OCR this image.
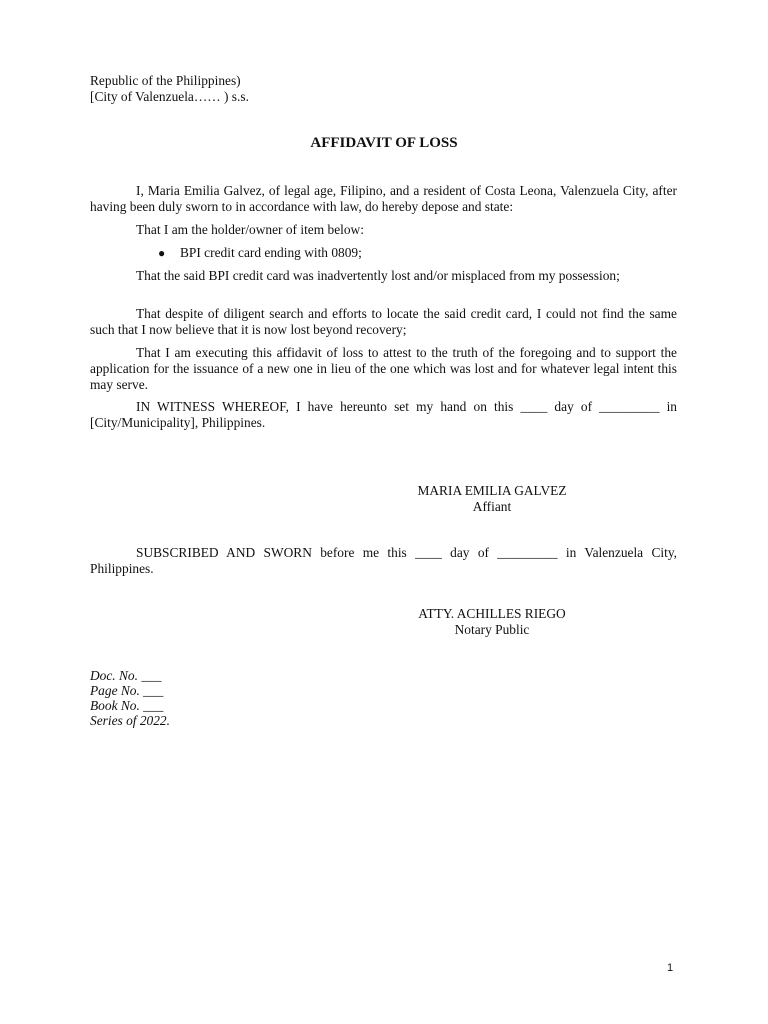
Republic of the Philippines)
[City of Valenzuela…… ) s.s.
AFFIDAVIT OF LOSS

I, Maria Emilia Galvez, of legal age, Filipino, and a resident of Costa Leona, Valenzuela City, after having been duly sworn to in accordance with law, do hereby depose and state:

That I am the holder/owner of item below:

● BPI credit card ending with 0809;

That the said BPI credit card was inadvertently lost and/or misplaced from my possession;

That despite of diligent search and efforts to locate the said credit card, I could not find the same such that I now believe that it is now lost beyond recovery;

That I am executing this affidavit of loss to attest to the truth of the foregoing and to support the application for the issuance of a new one in lieu of the one which was lost and for whatever legal intent this may serve.

IN WITNESS WHEREOF, I have hereunto set my hand on this ____ day of _________ in [City/Municipality], Philippines.

MARIA EMILIA GALVEZ
Affiant

SUBSCRIBED AND SWORN before me this ____ day of _________ in Valenzuela City, Philippines.

ATTY. ACHILLES RIEGO
Notary Public
Doc. No. ___
Page No. ___
Book No. ___
Series of 2022.
1
